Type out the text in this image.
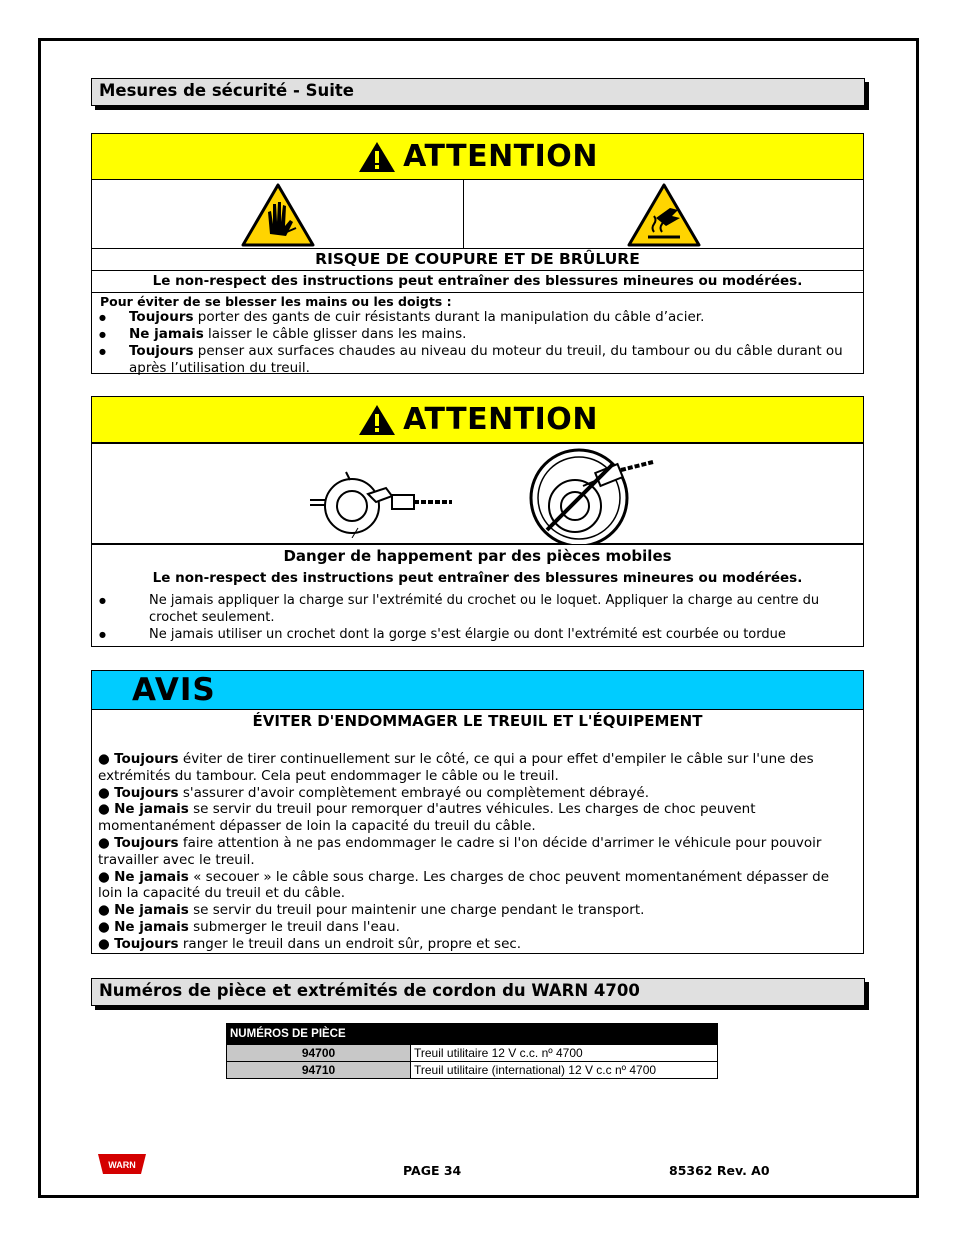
Mesures de sécurité - Suite
ATTENTION
RISQUE DE COUPURE ET DE BRÛLURE
Le non-respect des instructions peut entraîner des blessures mineures ou modérées.
Pour éviter de se blesser les mains ou les doigts :
● Toujours porter des gants de cuir résistants durant la manipulation du câble d’acier.
● Ne jamais laisser le câble glisser dans les mains.
● Toujours penser aux surfaces chaudes au niveau du moteur du treuil, du tambour ou du câble durant ou après l’utilisation du treuil.
ATTENTION
Danger de happement par des pièces mobiles
Le non-respect des instructions peut entraîner des blessures mineures ou modérées.
● Ne jamais appliquer la charge sur l'extrémité du crochet ou le loquet. Appliquer la charge au centre du crochet seulement.
● Ne jamais utiliser un crochet dont la gorge s'est élargie ou dont l'extrémité est courbée ou tordue
AVIS
ÉVITER D'ENDOMMAGER LE TREUIL ET L'ÉQUIPEMENT
● Toujours éviter de tirer continuellement sur le côté, ce qui a pour effet d'empiler le câble sur l'une des extrémités du tambour. Cela peut endommager le câble ou le treuil.
● Toujours s'assurer d'avoir complètement embrayé ou complètement débrayé.
● Ne jamais se servir du treuil pour remorquer d'autres véhicules. Les charges de choc peuvent momentanément dépasser de loin la capacité du treuil du câble.
● Toujours faire attention à ne pas endommager le cadre si l'on décide d'arrimer le véhicule pour pouvoir travailler avec le treuil.
● Ne jamais « secouer » le câble sous charge. Les charges de choc peuvent momentanément dépasser de loin la capacité du treuil et du câble.
● Ne jamais se servir du treuil pour maintenir une charge pendant le transport.
● Ne jamais submerger le treuil dans l'eau.
● Toujours ranger le treuil dans un endroit sûr, propre et sec.
Numéros de pièce et extrémités de cordon du WARN 4700
NUMÉROS DE PIÈCE	
94700	Treuil utilitaire 12 V c.c. nº 4700
94710	Treuil utilitaire (international) 12 V c.c nº 4700
WARN	PAGE 34	85362 Rev. A0
